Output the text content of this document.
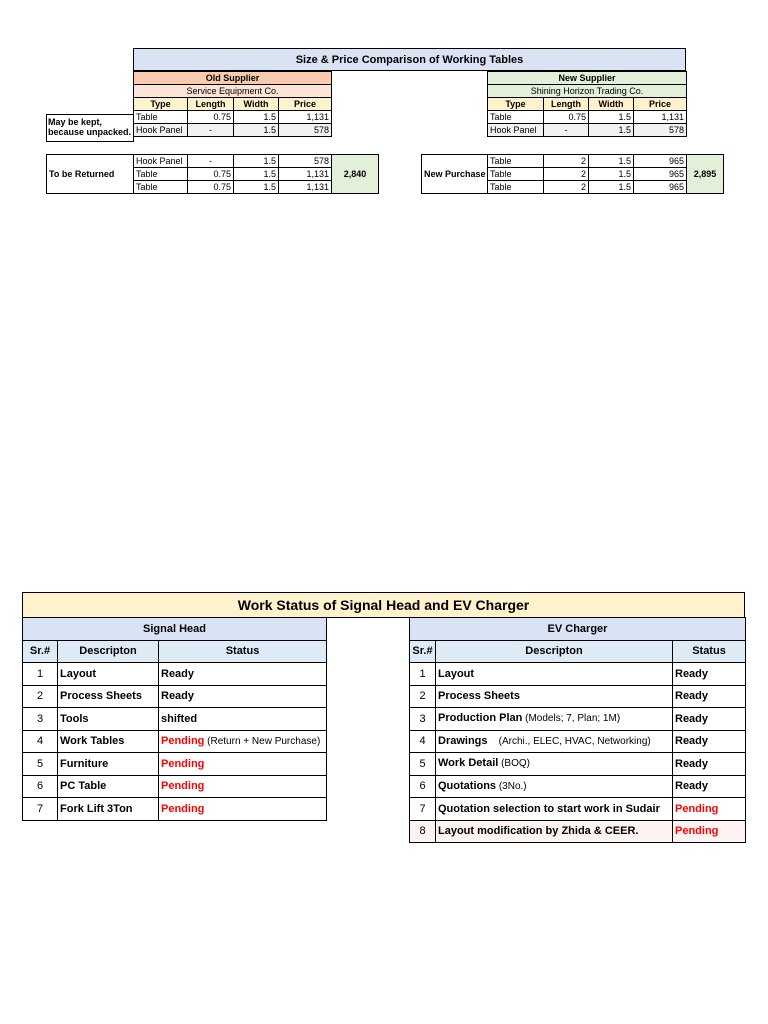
Size & Price Comparison of Working Tables
Old Supplier			
Service Equipment Co.			
Type	Length	Width	Price
Table	0.75	1.5	1,131
Hook Panel	-	1.5	578
May be kept,
because unpacked.
New Supplier			
Shining Horizon Trading Co.			
Type	Length	Width	Price
Table	0.75	1.5	1,131
Hook Panel	-	1.5	578
To be Returned	Hook Panel	-	1.5	578	2,840
	Table	0.75	1.5	1,131	
	Table	0.75	1.5	1,131	
New Purchase	Table	2	1.5	965	2,895
	Table	2	1.5	965	
	Table	2	1.5	965	
Work Status of Signal Head and EV Charger
Signal Head		
Sr.#	Descripton	Status
1	Layout	Ready
2	Process Sheets	Ready
3	Tools	shifted
4	Work Tables	Pending (Return + New Purchase)
5	Furniture	Pending
6	PC Table	Pending
7	Fork Lift 3Ton	Pending
EV Charger		
Sr.#	Descripton	Status
1	Layout	Ready
2	Process Sheets	Ready
3	Production Plan (Models; 7, Plan; 1M)	Ready
4	Drawings    (Archi., ELEC, HVAC, Networking)	Ready
5	Work Detail (BOQ)	Ready
6	Quotations (3No.)	Ready
7	Quotation selection to start work in Sudair	Pending
8	Layout modification by Zhida & CEER.	Pending
